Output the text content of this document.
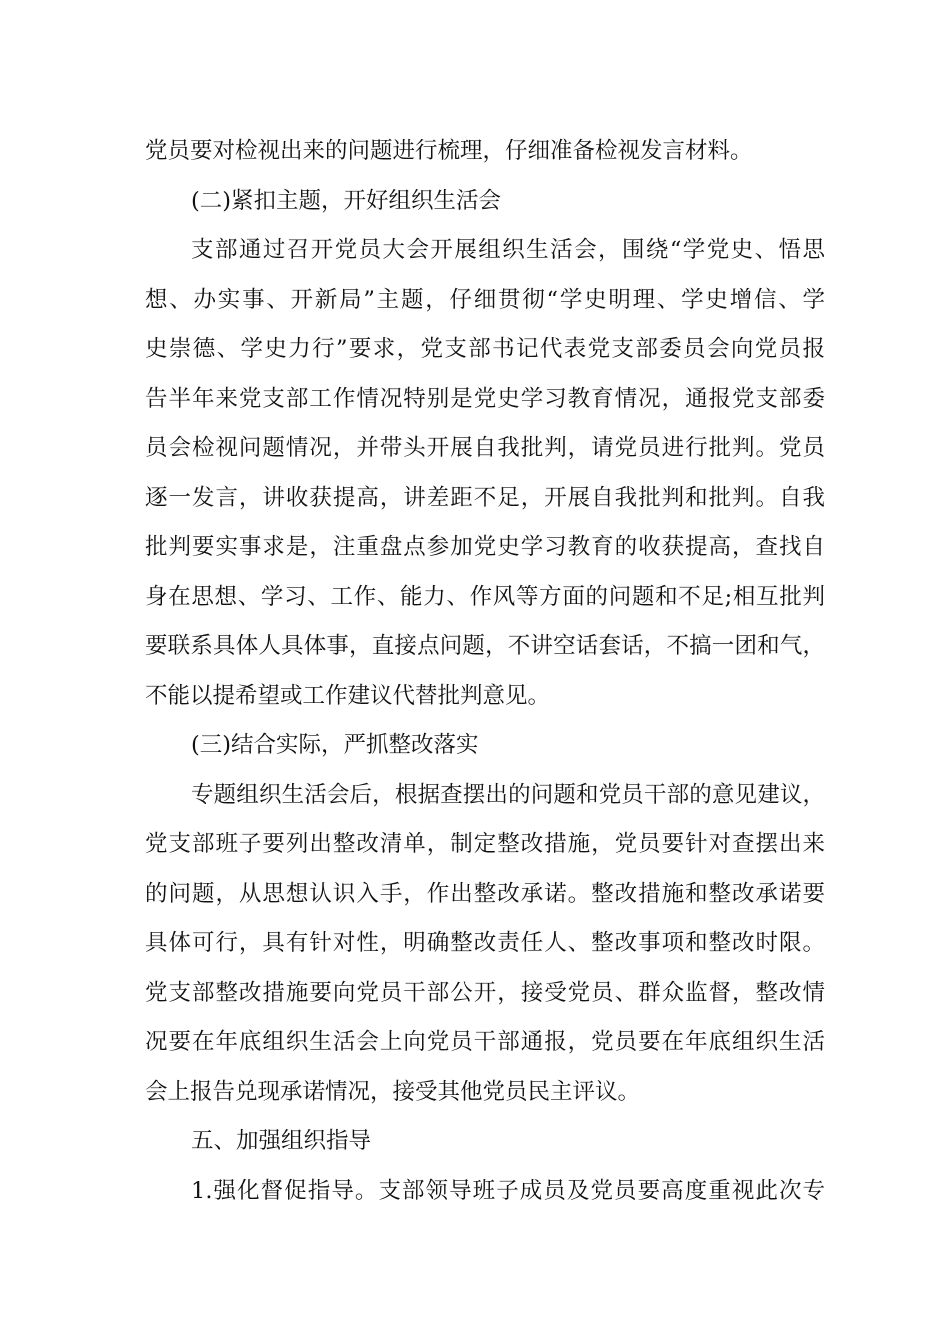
党员要对检视出来的问题进行梳理，仔细准备检视发言材料。
(二)紧扣主题，开好组织生活会
支部通过召开党员大会开展组织生活会，围绕“学党史、悟思
想、办实事、开新局”主题，仔细贯彻“学史明理、学史增信、学
史崇德、学史力行”要求，党支部书记代表党支部委员会向党员报
告半年来党支部工作情况特别是党史学习教育情况，通报党支部委
员会检视问题情况，并带头开展自我批判，请党员进行批判。党员
逐一发言，讲收获提高，讲差距不足，开展自我批判和批判。自我
批判要实事求是，注重盘点参加党史学习教育的收获提高，查找自
身在思想、学习、工作、能力、作风等方面的问题和不足;相互批判
要联系具体人具体事，直接点问题，不讲空话套话，不搞一团和气，
不能以提希望或工作建议代替批判意见。
(三)结合实际，严抓整改落实
专题组织生活会后，根据查摆出的问题和党员干部的意见建议，
党支部班子要列出整改清单，制定整改措施，党员要针对查摆出来
的问题，从思想认识入手，作出整改承诺。整改措施和整改承诺要
具体可行，具有针对性，明确整改责任人、整改事项和整改时限。
党支部整改措施要向党员干部公开，接受党员、群众监督，整改情
况要在年底组织生活会上向党员干部通报，党员要在年底组织生活
会上报告兑现承诺情况，接受其他党员民主评议。
五、加强组织指导
1.强化督促指导。支部领导班子成员及党员要高度重视此次专
